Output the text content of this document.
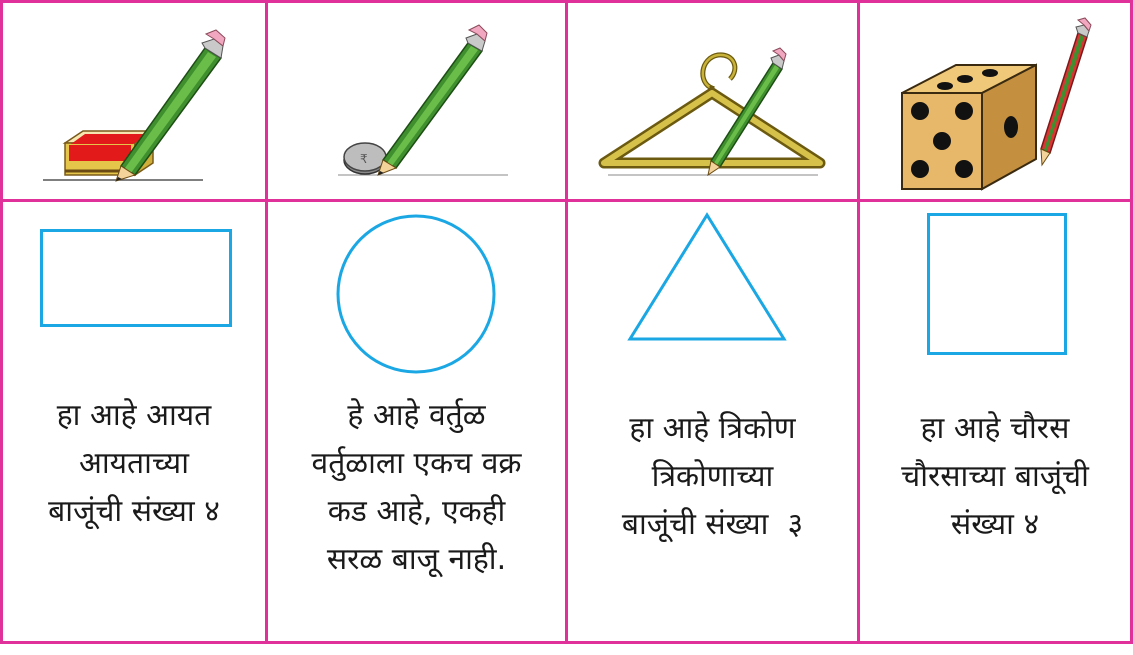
₹
हा आहे आयत
आयताच्या
बाजूंची संख्या ४
हे आहे वर्तुळ
वर्तुळाला एकच वक्र
कड आहे, एकही
सरळ बाजू नाही.
हा आहे त्रिकोण
त्रिकोणाच्या
बाजूंची संख्या  ३
हा आहे चौरस
चौरसाच्या बाजूंची
संख्या ४
